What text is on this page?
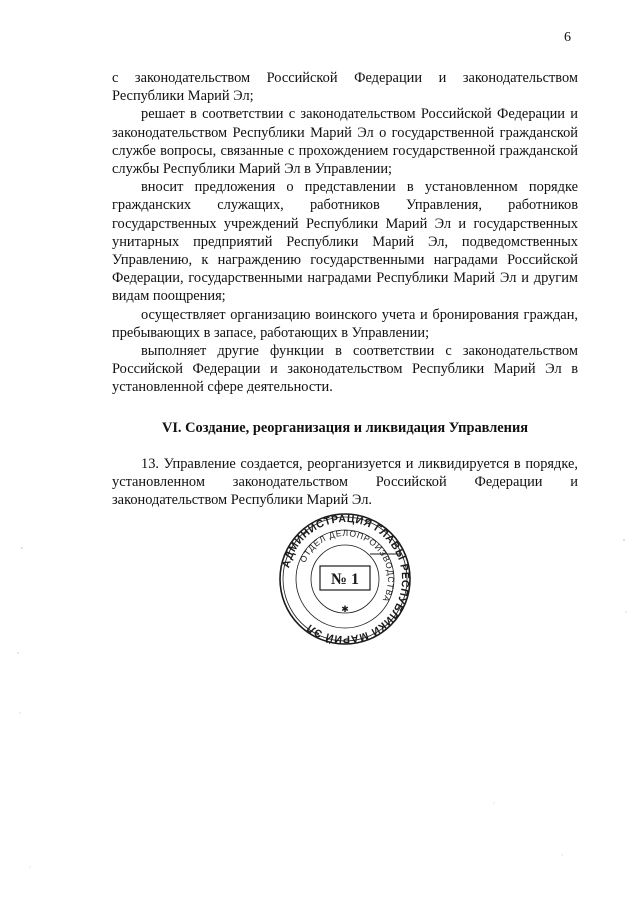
6

с законодательством Российской Федерации и законодательством Республики Марий Эл;

решает в соответствии с законодательством Российской Федерации и законодательством Республики Марий Эл о государственной гражданской службе вопросы, связанные с прохождением государственной гражданской службы Республики Марий Эл в Управлении;

вносит предложения о представлении в установленном порядке гражданских служащих, работников Управления, работников государственных учреждений Республики Марий Эл и государственных унитарных предприятий Республики Марий Эл, подведомственных Управлению, к награждению государственными наградами Российской Федерации, государственными наградами Республики Марий Эл и другим видам поощрения;

осуществляет организацию воинского учета и бронирования граждан, пребывающих в запасе, работающих в Управлении;

выполняет другие функции в соответствии с законодательством Российской Федерации и законодательством Республики Марий Эл в установленной сфере деятельности.

VI. Создание, реорганизация и ликвидация Управления

13. Управление создается, реорганизуется и ликвидируется в порядке, установленном законодательством Российской Федерации и законодательством Республики Марий Эл.

АДМИНИСТРАЦИЯ ГЛАВЫ РЕСПУБЛИКИ МАРИЙ ЭЛ
ОТДЕЛ ДЕЛОПРОИЗВОДСТВА
№ 1
✱
